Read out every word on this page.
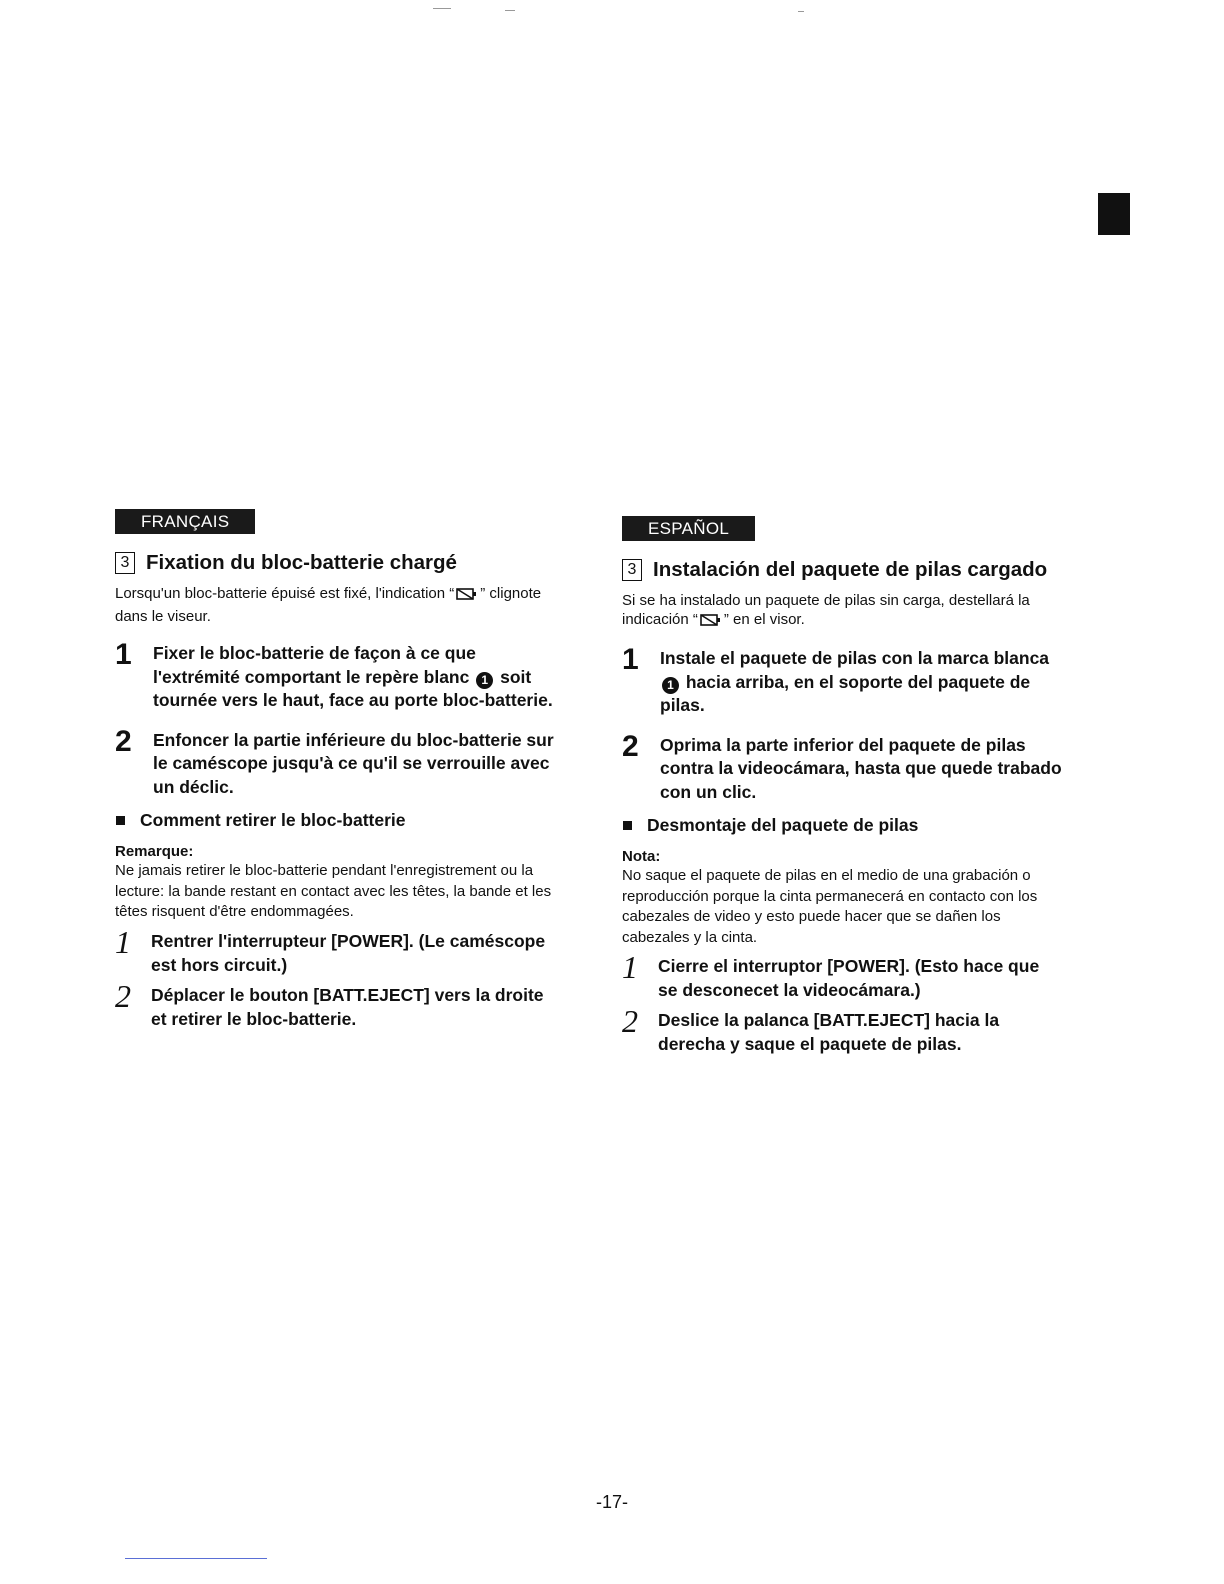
FRANÇAIS
3 Fixation du bloc-batterie chargé
Lorsqu'un bloc-batterie épuisé est fixé, l'indication “ ” clignote dans le viseur.
1	Fixer le bloc-batterie de façon à ce que l'extrémité comportant le repère blanc 1 soit tournée vers le haut, face au porte bloc-batterie.
2	Enfoncer la partie inférieure du bloc-batterie sur le caméscope jusqu'à ce qu'il se verrouille avec un déclic.
Comment retirer le bloc-batterie
Remarque:
Ne jamais retirer le bloc-batterie pendant l'enregistrement ou la lecture: la bande restant en contact avec les têtes, la bande et les têtes risquent d'être endommagées.
1	Rentrer l'interrupteur [POWER]. (Le caméscope est hors circuit.)
2	Déplacer le bouton [BATT.EJECT] vers la droite et retirer le bloc-batterie.
ESPAÑOL
3 Instalación del paquete de pilas cargado
Si se ha instalado un paquete de pilas sin carga, destellará la indicación “ ” en el visor.
1	Instale el paquete de pilas con la marca blanca 1 hacia arriba, en el soporte del paquete de pilas.
2	Oprima la parte inferior del paquete de pilas contra la videocámara, hasta que quede trabado con un clic.
Desmontaje del paquete de pilas
Nota:
No saque el paquete de pilas en el medio de una grabación o reproducción porque la cinta permanecerá en contacto con los cabezales de video y esto puede hacer que se dañen los cabezales y la cinta.
1	Cierre el interruptor [POWER]. (Esto hace que se desconecet la videocámara.)
2	Deslice la palanca [BATT.EJECT] hacia la derecha y saque el paquete de pilas.
-17-
